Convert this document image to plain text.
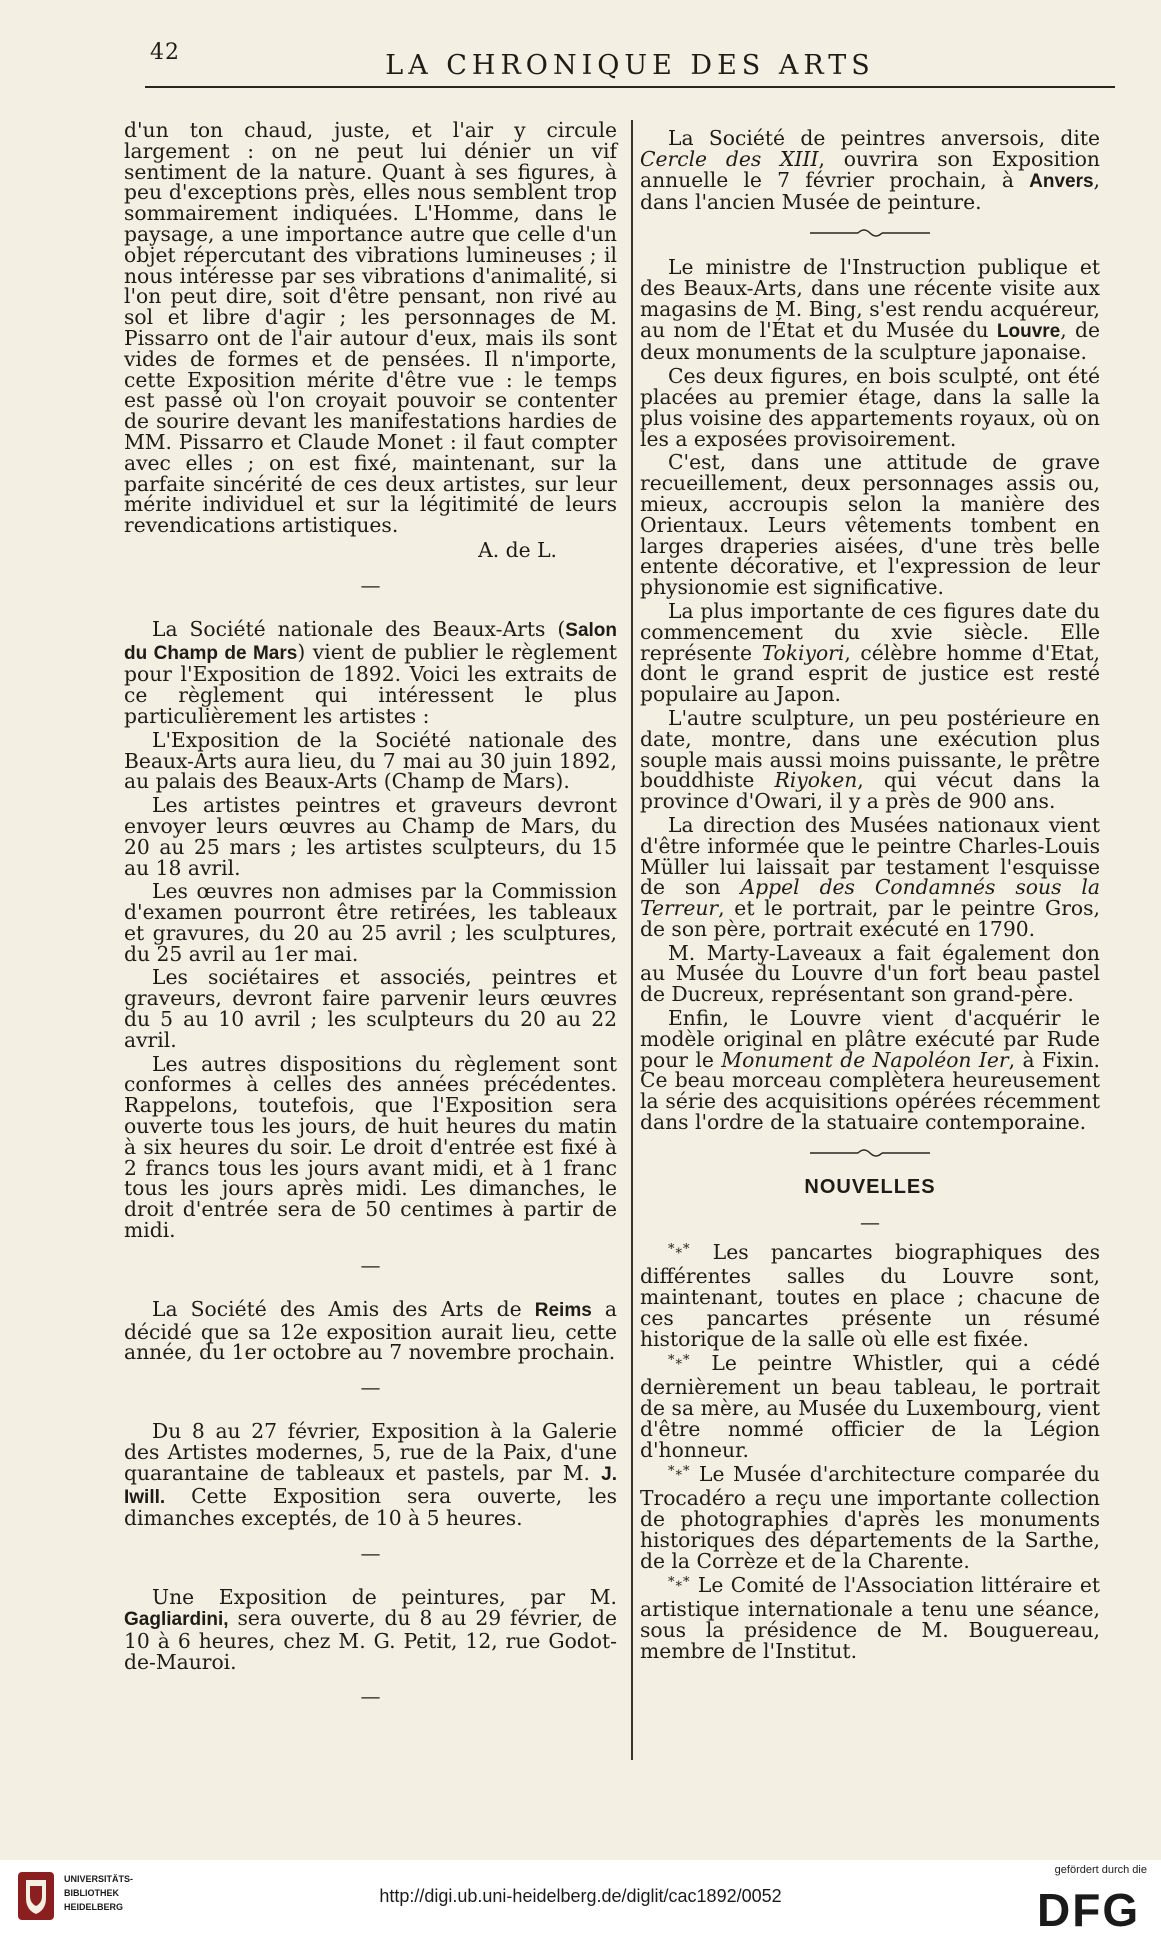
42	LA CHRONIQUE DES ARTS

d'un ton chaud, juste, et l'air y circule largement : on ne peut lui dénier un vif sentiment de la nature. Quant à ses figures, à peu d'exceptions près, elles nous semblent trop sommairement indiquées. L'Homme, dans le paysage, a une importance autre que celle d'un objet répercutant des vibrations lumineuses ; il nous intéresse par ses vibrations d'animalité, si l'on peut dire, soit d'être pensant, non rivé au sol et libre d'agir ; les personnages de M. Pissarro ont de l'air autour d'eux, mais ils sont vides de formes et de pensées. Il n'importe, cette Exposition mérite d'être vue : le temps est passé où l'on croyait pouvoir se contenter de sourire devant les manifestations hardies de MM. Pissarro et Claude Monet : il faut compter avec elles ; on est fixé, maintenant, sur la parfaite sincérité de ces deux artistes, sur leur mérite individuel et sur la légitimité de leurs revendications artistiques.

A. de L.

—

La Société nationale des Beaux-Arts (Salon du Champ de Mars) vient de publier le règlement pour l'Exposition de 1892. Voici les extraits de ce règlement qui intéressent le plus particulièrement les artistes :

L'Exposition de la Société nationale des Beaux-Arts aura lieu, du 7 mai au 30 juin 1892, au palais des Beaux-Arts (Champ de Mars).

Les artistes peintres et graveurs devront envoyer leurs œuvres au Champ de Mars, du 20 au 25 mars ; les artistes sculpteurs, du 15 au 18 avril.

Les œuvres non admises par la Commission d'examen pourront être retirées, les tableaux et gravures, du 20 au 25 avril ; les sculptures, du 25 avril au 1er mai.

Les sociétaires et associés, peintres et graveurs, devront faire parvenir leurs œuvres du 5 au 10 avril ; les sculpteurs du 20 au 22 avril.

Les autres dispositions du règlement sont conformes à celles des années précédentes. Rappelons, toutefois, que l'Exposition sera ouverte tous les jours, de huit heures du matin à six heures du soir. Le droit d'entrée est fixé à 2 francs tous les jours avant midi, et à 1 franc tous les jours après midi. Les dimanches, le droit d'entrée sera de 50 centimes à partir de midi.

—

La Société des Amis des Arts de Reims a décidé que sa 12e exposition aurait lieu, cette année, du 1er octobre au 7 novembre prochain.

—

Du 8 au 27 février, Exposition à la Galerie des Artistes modernes, 5, rue de la Paix, d'une quarantaine de tableaux et pastels, par M. J. Iwill. Cette Exposition sera ouverte, les dimanches exceptés, de 10 à 5 heures.

—

Une Exposition de peintures, par M. Gagliardini, sera ouverte, du 8 au 29 février, de 10 à 6 heures, chez M. G. Petit, 12, rue Godot-de-Mauroi.

—

La Société de peintres anversois, dite Cercle des XIII, ouvrira son Exposition annuelle le 7 février prochain, à Anvers, dans l'ancien Musée de peinture.

Le ministre de l'Instruction publique et des Beaux-Arts, dans une récente visite aux magasins de M. Bing, s'est rendu acquéreur, au nom de l'État et du Musée du Louvre, de deux monuments de la sculpture japonaise.

Ces deux figures, en bois sculpté, ont été placées au premier étage, dans la salle la plus voisine des appartements royaux, où on les a exposées provisoirement.

C'est, dans une attitude de grave recueillement, deux personnages assis ou, mieux, accroupis selon la manière des Orientaux. Leurs vêtements tombent en larges draperies aisées, d'une très belle entente décorative, et l'expression de leur physionomie est significative.

La plus importante de ces figures date du commencement du xvie siècle. Elle représente Tokiyori, célèbre homme d'Etat, dont le grand esprit de justice est resté populaire au Japon.

L'autre sculpture, un peu postérieure en date, montre, dans une exécution plus souple mais aussi moins puissante, le prêtre bouddhiste Riyoken, qui vécut dans la province d'Owari, il y a près de 900 ans.

La direction des Musées nationaux vient d'être informée que le peintre Charles-Louis Müller lui laissait par testament l'esquisse de son Appel des Condamnés sous la Terreur, et le portrait, par le peintre Gros, de son père, portrait exécuté en 1790.

M. Marty-Laveaux a fait également don au Musée du Louvre d'un fort beau pastel de Ducreux, représentant son grand-père.

Enfin, le Louvre vient d'acquérir le modèle original en plâtre exécuté par Rude pour le Monument de Napoléon Ier, à Fixin. Ce beau morceau complètera heureusement la série des acquisitions opérées récemment dans l'ordre de la statuaire contemporaine.

NOUVELLES
—

*⁎* Les pancartes biographiques des différentes salles du Louvre sont, maintenant, toutes en place ; chacune de ces pancartes présente un résumé historique de la salle où elle est fixée.

*⁎* Le peintre Whistler, qui a cédé dernièrement un beau tableau, le portrait de sa mère, au Musée du Luxembourg, vient d'être nommé officier de la Légion d'honneur.

*⁎* Le Musée d'architecture comparée du Trocadéro a reçu une importante collection de photographies d'après les monuments historiques des départements de la Sarthe, de la Corrèze et de la Charente.

*⁎* Le Comité de l'Association littéraire et artistique internationale a tenu une séance, sous la présidence de M. Bouguereau, membre de l'Institut.

UNIVERSITÄTS-
BIBLIOTHEK
HEIDELBERG
http://digi.ub.uni-heidelberg.de/diglit/cac1892/0052
gefördert durch die
DFG
